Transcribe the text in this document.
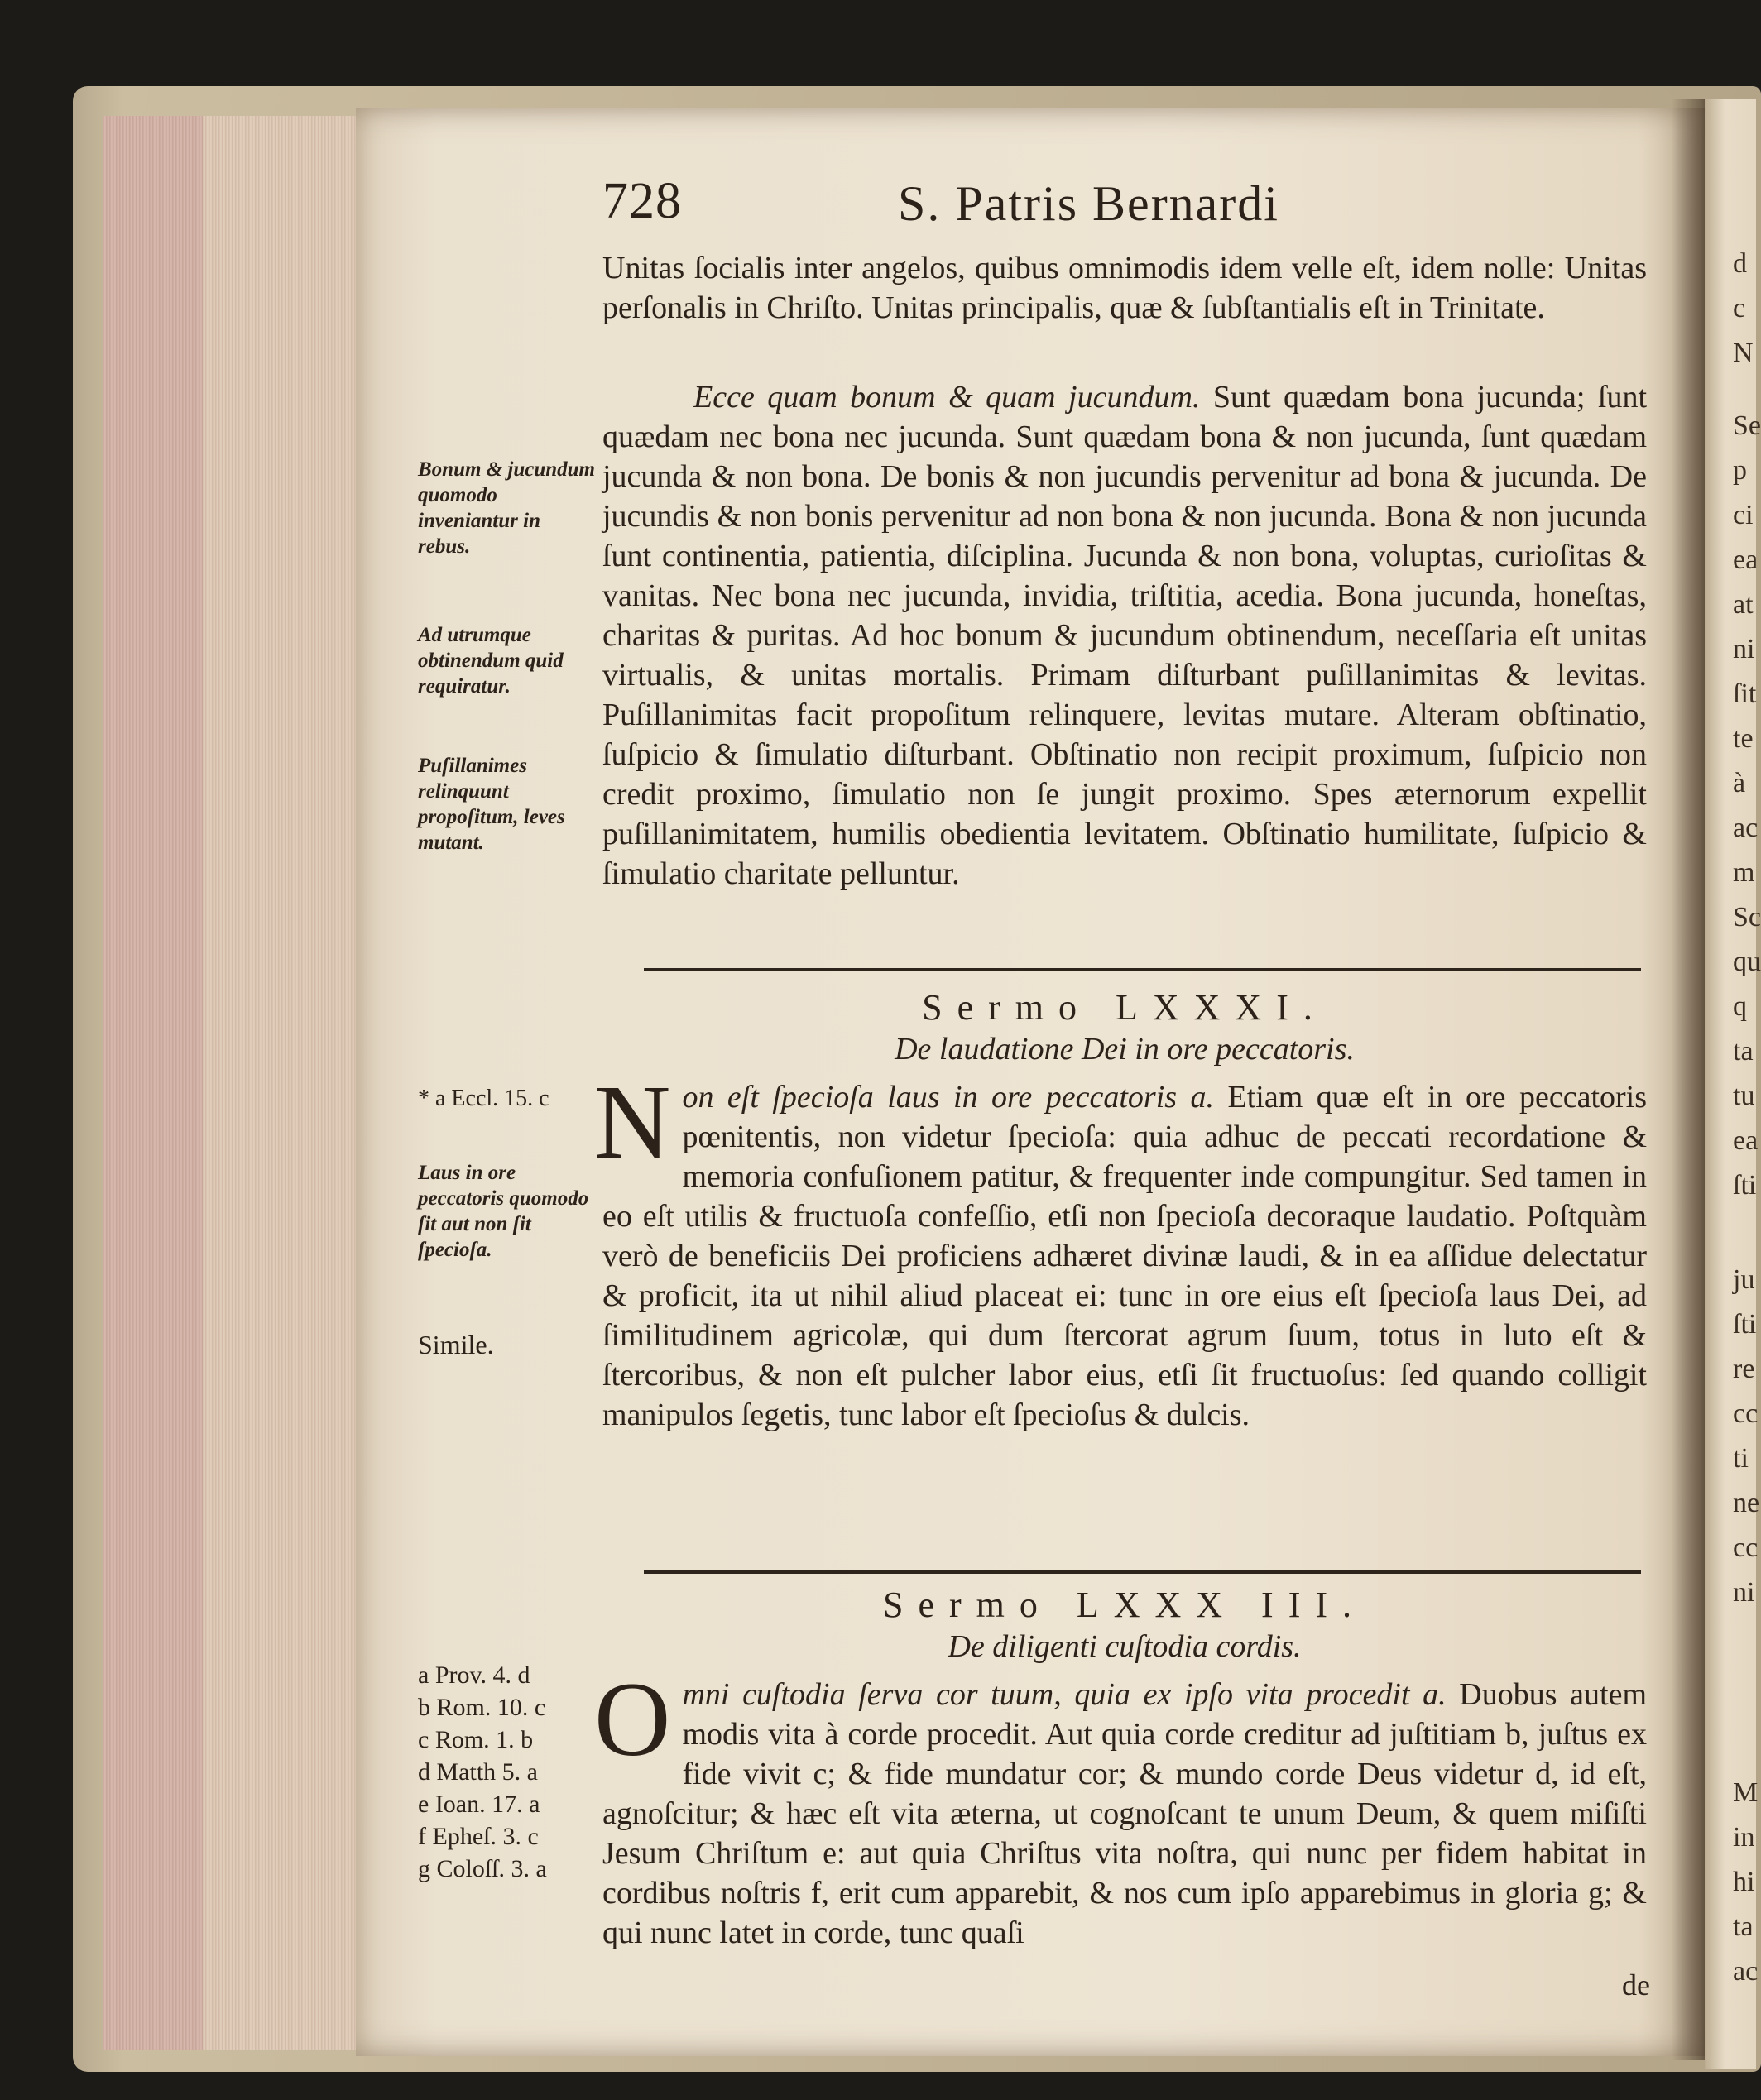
d
c
N
Se
p
ci
ea
at
ni
ſit
te
à
ac
m
Sc
qu
q
ta
tu
ea
ſti
ju
ſti
re
cc
ti
ne
cc
ni
M
in
hi
ta
ac
728	S. Patris Bernardi

Unitas ſocialis inter angelos, quibus omnimodis idem velle eſt, idem nolle: Unitas perſonalis in Chriſto. Unitas principalis, quæ & ſubſtantialis eſt in Trinitate.

Ecce quam bonum & quam jucundum. Sunt quædam bona jucunda; ſunt quædam nec bona nec jucunda. Sunt quædam bona & non jucunda, ſunt quædam jucunda & non bona. De bonis & non jucundis pervenitur ad bona & jucunda. De jucundis & non bonis pervenitur ad non bona & non jucunda. Bona & non jucunda ſunt continentia, patientia, diſciplina. Jucunda & non bona, voluptas, curioſitas & vanitas. Nec bona nec jucunda, invidia, triſtitia, acedia. Bona jucunda, honeſtas, charitas & puritas. Ad hoc bonum & jucundum obtinendum, neceſſaria eſt unitas virtualis, & unitas mortalis. Primam diſturbant puſillanimitas & levitas. Puſillanimitas facit propoſitum relinquere, levitas mutare. Alteram obſtinatio, ſuſpicio & ſimulatio diſturbant. Obſtinatio non recipit proximum, ſuſpicio non credit proximo, ſimulatio non ſe jungit proximo. Spes æternorum expellit puſillanimitatem, humilis obedientia levitatem. Obſtinatio humilitate, ſuſpicio & ſimulatio charitate pelluntur.

Bonum & jucundum quomodo inveniantur in rebus.

Ad utrumque obtinendum quid requiratur.

Puſillanimes relinquunt propoſitum, leves mutant.

Sermo LXXXI.

De laudatione Dei in ore peccatoris.

Non eſt ſpecioſa laus in ore peccatoris a. Etiam quæ eſt in ore peccatoris pœnitentis, non videtur ſpecioſa: quia adhuc de peccati recordatione & memoria confuſionem patitur, & frequenter inde compungitur. Sed tamen in eo eſt utilis & fructuoſa confeſſio, etſi non ſpecioſa decoraque laudatio. Poſtquàm verò de beneficiis Dei proficiens adhæret divinæ laudi, & in ea aſſidue delectatur & proficit, ita ut nihil aliud placeat ei: tunc in ore eius eſt ſpecioſa laus Dei, ad ſimilitudinem agricolæ, qui dum ſtercorat agrum ſuum, totus in luto eſt & ſtercoribus, & non eſt pulcher labor eius, etſi ſit fructuoſus: ſed quando colligit manipulos ſegetis, tunc labor eſt ſpecioſus & dulcis.

* a Eccl. 15. c

Laus in ore peccatoris quomodo ſit aut non ſit ſpecioſa.

Simile.

Sermo LXXX III.

De diligenti cuſtodia cordis.

Omni cuſtodia ſerva cor tuum, quia ex ipſo vita procedit a. Duobus autem modis vita à corde procedit. Aut quia corde creditur ad juſtitiam b, juſtus ex fide vivit c; & fide mundatur cor; & mundo corde Deus videtur d, id eſt, agnoſcitur; & hæc eſt vita æterna, ut cognoſcant te unum Deum, & quem miſiſti Jesum Chriſtum e: aut quia Chriſtus vita noſtra, qui nunc per fidem habitat in cordibus noſtris f, erit cum apparebit, & nos cum ipſo apparebimus in gloria g; & qui nunc latet in corde, tunc quaſi

a Prov. 4. d
b Rom. 10. c
c Rom. 1. b
d Matth 5. a
e Ioan. 17. a
f Epheſ. 3. c
g Coloſſ. 3. a
de
